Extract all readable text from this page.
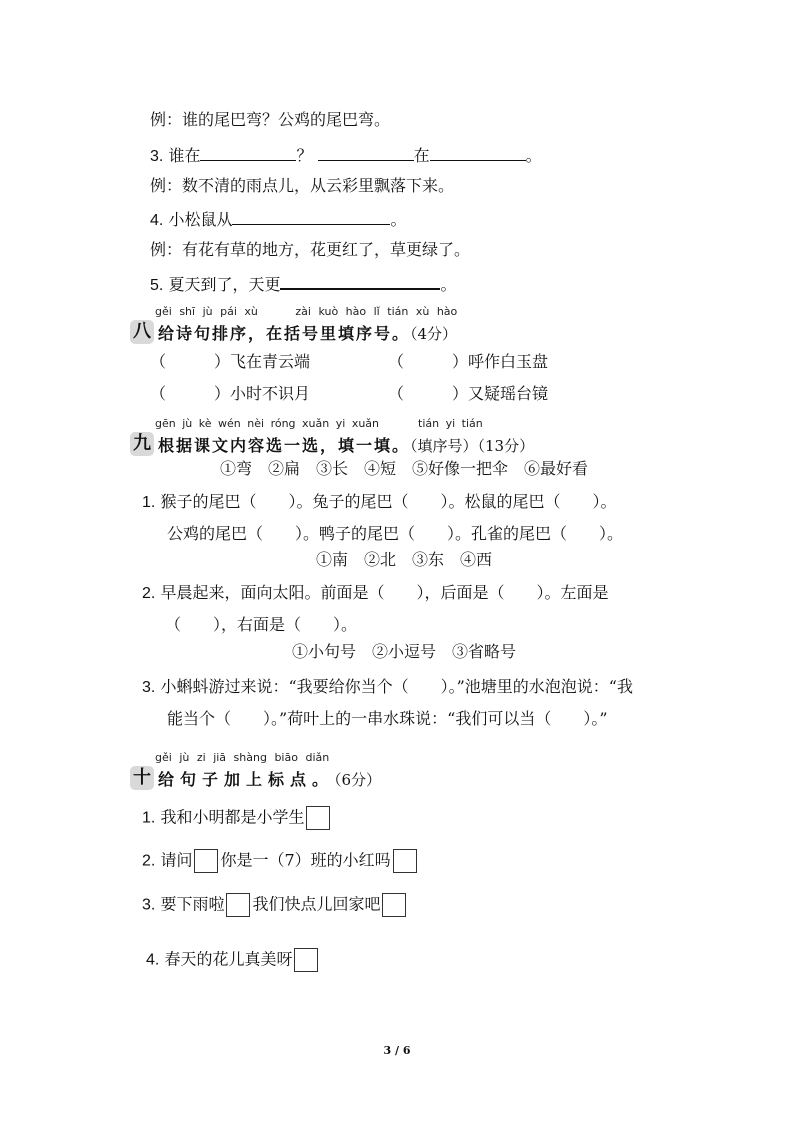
例：谁的尾巴弯？公鸡的尾巴弯。
3. 谁在	？	在	。
例：数不清的雨点儿，从云彩里飘落下来。
4. 小松鼠从	。
例：有花有草的地方，花更红了，草更绿了。
5. 夏天到了，天更	。
gěi shī jù pái xù	zài kuò hào lǐ tián xù hào
八 给诗句排序，在括号里填序号。（4分）
（　　　）飞在青云端	（　　　）呼作白玉盘
（　　　）小时不识月	（　　　）又疑瑶台镜
gēn jù kè wén nèi róng xuǎn yi xuǎn	tián yi tián
九 根据课文内容选一选，填一填。（填序号）（13分）
①弯　②扁　③长　④短　⑤好像一把伞　⑥最好看
1. 猴子的尾巴（　　）。兔子的尾巴（　　）。松鼠的尾巴（　　）。
公鸡的尾巴（　　）。鸭子的尾巴（　　）。孔雀的尾巴（　　）。
①南　②北　③东　④西
2. 早晨起来，面向太阳。前面是（　　），后面是（　　）。左面是
（　　），右面是（　　）。
①小句号　②小逗号　③省略号
3. 小蝌蚪游过来说：“我要给你当个（　　）。”池塘里的水泡泡说：“我
能当个（　　）。”荷叶上的一串水珠说：“我们可以当（　　）。”
gěi jù zi jiā shàng biāo diǎn
十 给句子加上标点。（6分）
1. 我和小明都是小学生
2. 请问 你是一（7）班的小红吗
3. 要下雨啦 我们快点儿回家吧
4. 春天的花儿真美呀
3 / 6
